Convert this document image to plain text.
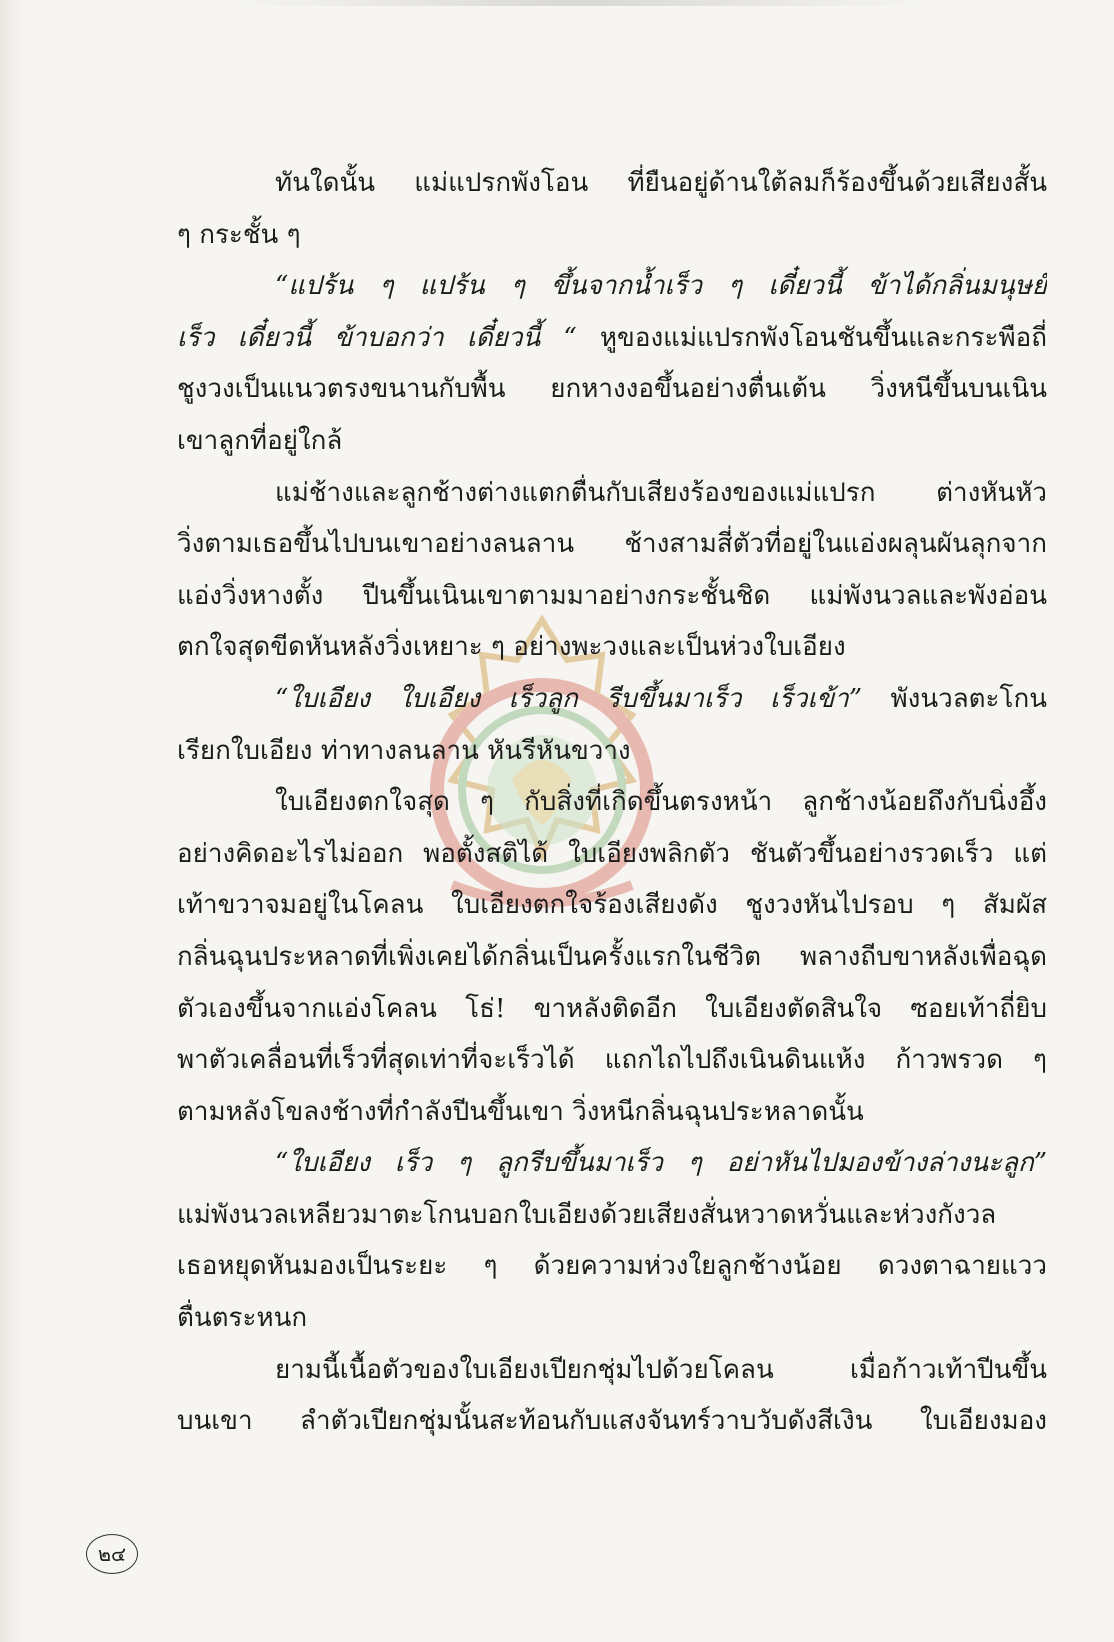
ทันใดนั้น แม่แปรกพังโอน ที่ยืนอยู่ด้านใต้ลมก็ร้องขึ้นด้วยเสียงสั้น
ๆ กระชั้น ๆ
“แปร้น ๆ แปร้น ๆ ขึ้นจากน้ำเร็ว ๆ เดี๋ยวนี้ ข้าได้กลิ่นมนุษย์
เร็ว เดี๋ยวนี้ ข้าบอกว่า เดี๋ยวนี้ “ หูของแม่แปรกพังโอนชันขึ้นและกระพือถี่
ชูงวงเป็นแนวตรงขนานกับพื้น ยกหางงอขึ้นอย่างตื่นเต้น วิ่งหนีขึ้นบนเนิน
เขาลูกที่อยู่ใกล้
แม่ช้างและลูกช้างต่างแตกตื่นกับเสียงร้องของแม่แปรก ต่างหันหัว
วิ่งตามเธอขึ้นไปบนเขาอย่างลนลาน ช้างสามสี่ตัวที่อยู่ในแอ่งผลุนผันลุกจาก
แอ่งวิ่งหางตั้ง ปีนขึ้นเนินเขาตามมาอย่างกระชั้นชิด แม่พังนวลและพังอ่อน
ตกใจสุดขีดหันหลังวิ่งเหยาะ ๆ อย่างพะวงและเป็นห่วงใบเอียง
“ใบเอียง ใบเอียง เร็วลูก รีบขึ้นมาเร็ว เร็วเข้า” พังนวลตะโกน
เรียกใบเอียง ท่าทางลนลาน หันรีหันขวาง
ใบเอียงตกใจสุด ๆ กับสิ่งที่เกิดขึ้นตรงหน้า ลูกช้างน้อยถึงกับนิ่งอึ้ง
อย่างคิดอะไรไม่ออก พอตั้งสติได้ ใบเอียงพลิกตัว ชันตัวขึ้นอย่างรวดเร็ว แต่
เท้าขวาจมอยู่ในโคลน ใบเอียงตกใจร้องเสียงดัง ชูงวงหันไปรอบ ๆ สัมผัส
กลิ่นฉุนประหลาดที่เพิ่งเคยได้กลิ่นเป็นครั้งแรกในชีวิต พลางถีบขาหลังเพื่อฉุด
ตัวเองขึ้นจากแอ่งโคลน โธ่! ขาหลังติดอีก ใบเอียงตัดสินใจ ซอยเท้าถี่ยิบ
พาตัวเคลื่อนที่เร็วที่สุดเท่าที่จะเร็วได้ แถกไถไปถึงเนินดินแห้ง ก้าวพรวด ๆ
ตามหลังโขลงช้างที่กำลังปีนขึ้นเขา วิ่งหนีกลิ่นฉุนประหลาดนั้น
“ใบเอียง เร็ว ๆ ลูกรีบขึ้นมาเร็ว ๆ อย่าหันไปมองข้างล่างนะลูก”
แม่พังนวลเหลียวมาตะโกนบอกใบเอียงด้วยเสียงสั่นหวาดหวั่นและห่วงกังวล
เธอหยุดหันมองเป็นระยะ ๆ ด้วยความห่วงใยลูกช้างน้อย ดวงตาฉายแวว
ตื่นตระหนก
ยามนี้เนื้อตัวของใบเอียงเปียกชุ่มไปด้วยโคลน เมื่อก้าวเท้าปีนขึ้น
บนเขา ลำตัวเปียกชุ่มนั้นสะท้อนกับแสงจันทร์วาบวับดังสีเงิน ใบเอียงมอง
๒๔
